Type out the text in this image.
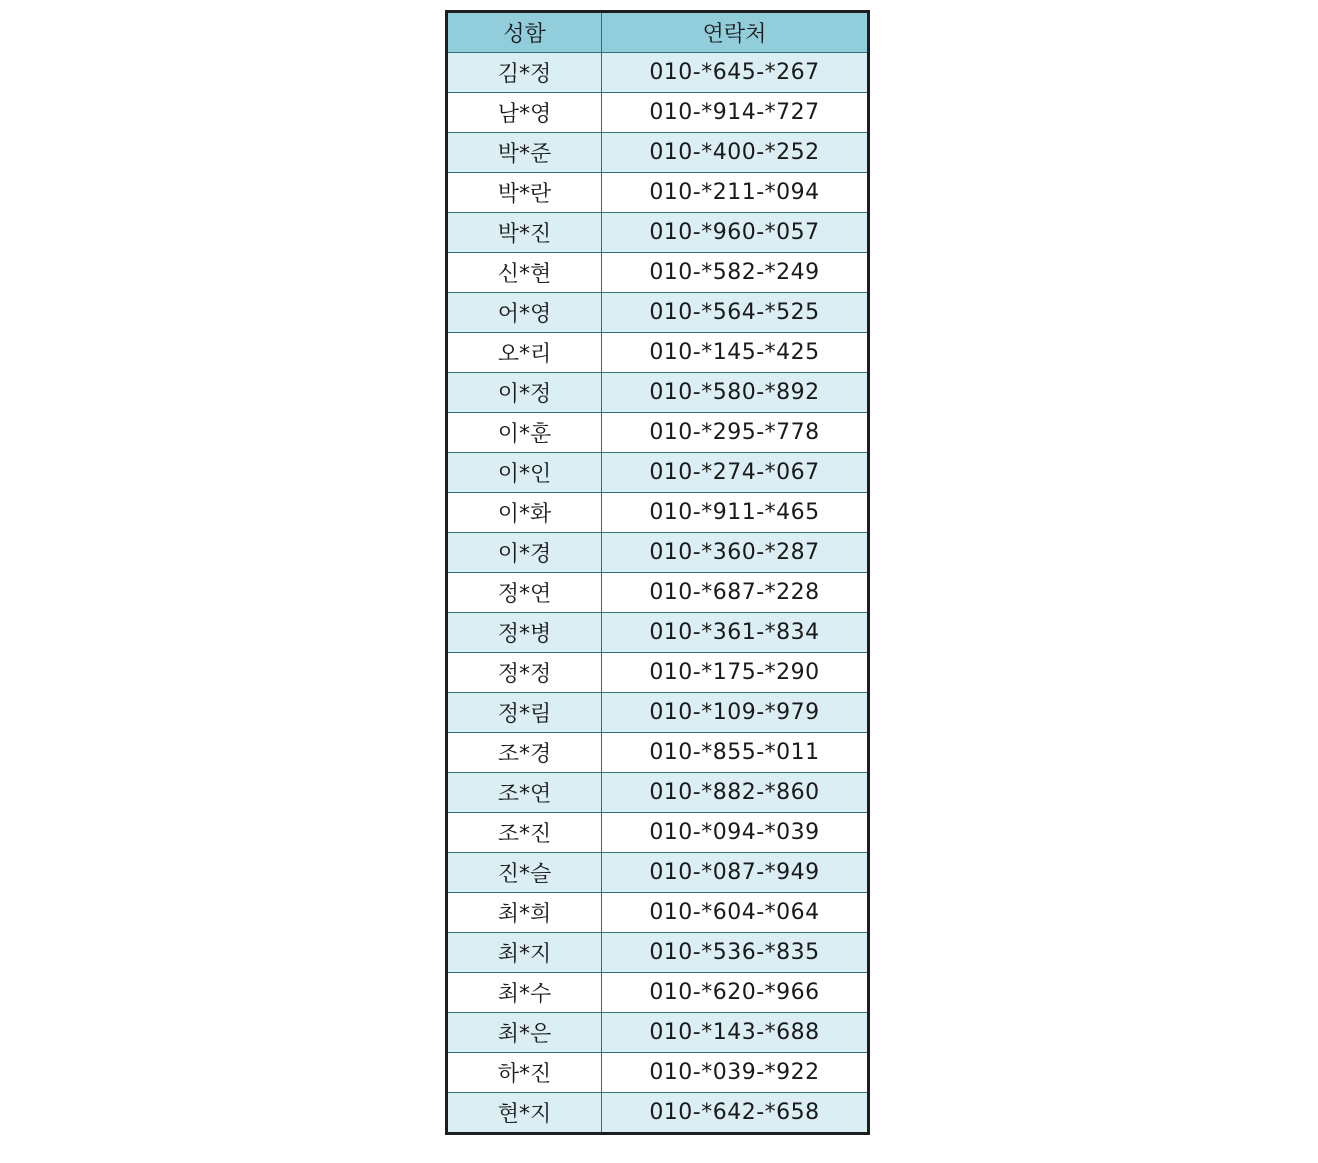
성함	연락처
김*정	010-*645-*267
남*영	010-*914-*727
박*준	010-*400-*252
박*란	010-*211-*094
박*진	010-*960-*057
신*현	010-*582-*249
어*영	010-*564-*525
오*리	010-*145-*425
이*정	010-*580-*892
이*훈	010-*295-*778
이*인	010-*274-*067
이*화	010-*911-*465
이*경	010-*360-*287
정*연	010-*687-*228
정*병	010-*361-*834
정*정	010-*175-*290
정*림	010-*109-*979
조*경	010-*855-*011
조*연	010-*882-*860
조*진	010-*094-*039
진*슬	010-*087-*949
최*희	010-*604-*064
최*지	010-*536-*835
최*수	010-*620-*966
최*은	010-*143-*688
하*진	010-*039-*922
현*지	010-*642-*658
